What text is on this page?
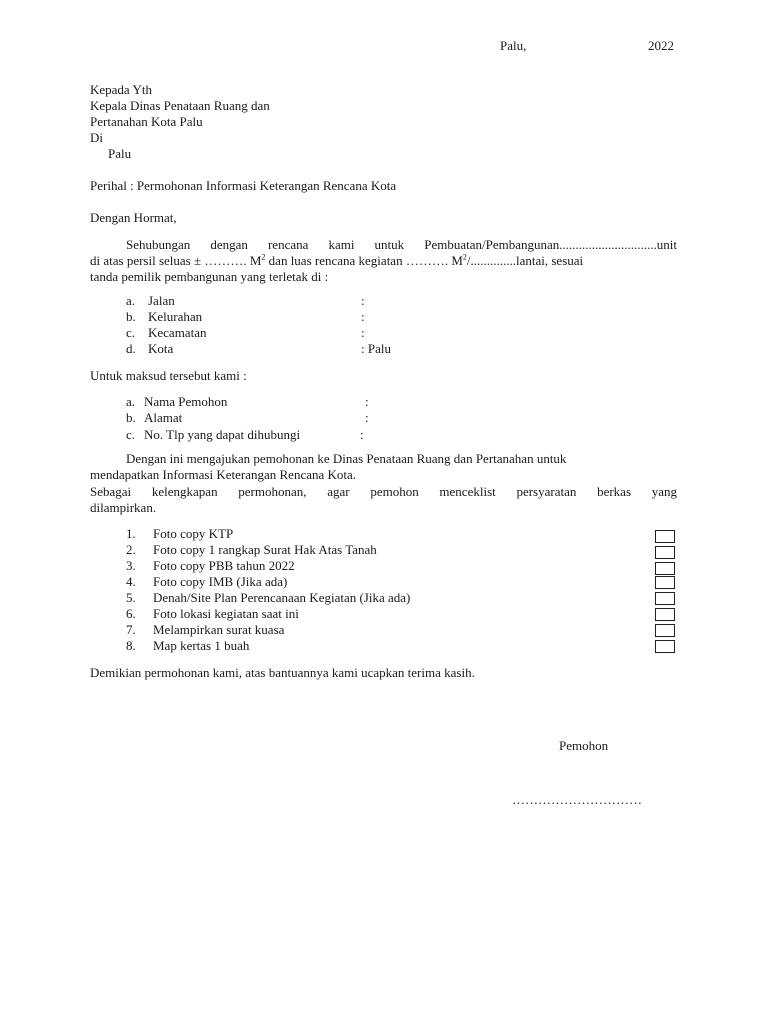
Palu,	2022
Kepada Yth
Kepala Dinas Penataan Ruang dan
Pertanahan Kota Palu
Di
Palu
Perihal : Permohonan Informasi Keterangan Rencana Kota
Dengan Hormat,
Sehubungan dengan rencana kami untuk Pembuatan/Pembangunan..............................unit
di atas persil seluas ± ………. $M^2$ dan luas rencana kegiatan ………. $M^2/..............lantai$, sesuai
tanda pemilik pembangunan yang terletak di :
a. Jalan	:
b. Kelurahan	:
c. Kecamatan	:
d. Kota	: Palu
Untuk maksud tersebut kami :
a. Nama Pemohon	:
b. Alamat	:
c. No. Tlp yang dapat dihubungi	:
Dengan ini mengajukan pemohonan ke Dinas Penataan Ruang dan Pertanahan untuk
mendapatkan Informasi Keterangan Rencana Kota.
Sebagai kelengkapan permohonan, agar pemohon menceklist persyaratan berkas yang
dilampirkan.
1. Foto copy KTP
2. Foto copy 1 rangkap Surat Hak Atas Tanah
3. Foto copy PBB tahun 2022
4. Foto copy IMB (Jika ada)
5. Denah/Site Plan Perencanaan Kegiatan (Jika ada)
6. Foto lokasi kegiatan saat ini
7. Melampirkan surat kuasa
8. Map kertas 1 buah
Demikian permohonan kami, atas bantuannya kami ucapkan terima kasih.
Pemohon
…………………………
